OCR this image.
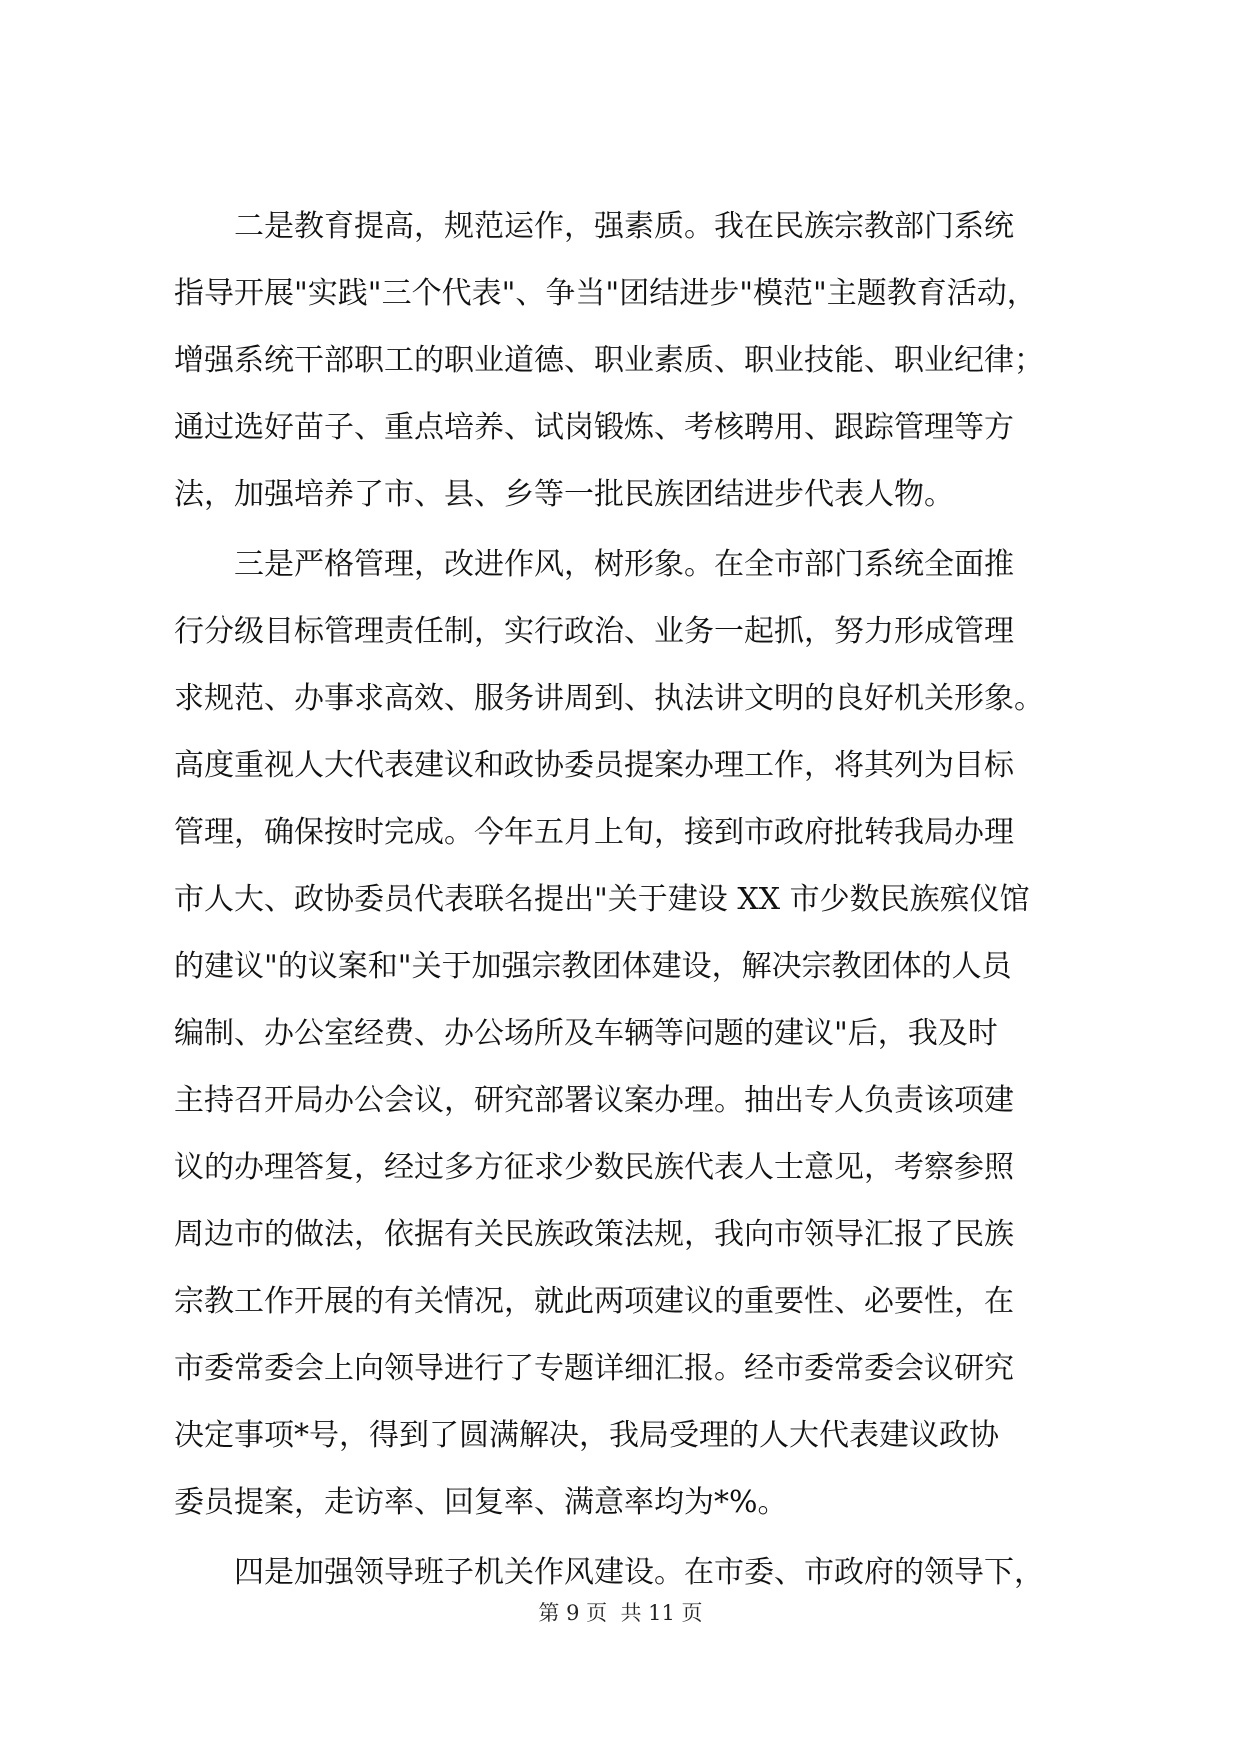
二是教育提高，规范运作，强素质。我在民族宗教部门系统
指导开展"实践"三个代表"、争当"团结进步"模范"主题教育活动，
增强系统干部职工的职业道德、职业素质、职业技能、职业纪律；
通过选好苗子、重点培养、试岗锻炼、考核聘用、跟踪管理等方
法，加强培养了市、县、乡等一批民族团结进步代表人物。
三是严格管理，改进作风，树形象。在全市部门系统全面推
行分级目标管理责任制，实行政治、业务一起抓，努力形成管理
求规范、办事求高效、服务讲周到、执法讲文明的良好机关形象。
高度重视人大代表建议和政协委员提案办理工作，将其列为目标
管理，确保按时完成。今年五月上旬，接到市政府批转我局办理
市人大、政协委员代表联名提出"关于建设 XX 市少数民族殡仪馆
的建议"的议案和"关于加强宗教团体建设，解决宗教团体的人员
编制、办公室经费、办公场所及车辆等问题的建议"后，我及时
主持召开局办公会议，研究部署议案办理。抽出专人负责该项建
议的办理答复，经过多方征求少数民族代表人士意见，考察参照
周边市的做法，依据有关民族政策法规，我向市领导汇报了民族
宗教工作开展的有关情况，就此两项建议的重要性、必要性，在
市委常委会上向领导进行了专题详细汇报。经市委常委会议研究
决定事项*号，得到了圆满解决，我局受理的人大代表建议政协
委员提案，走访率、回复率、满意率均为*%。
四是加强领导班子机关作风建设。在市委、市政府的领导下，
第 9 页  共 11 页
